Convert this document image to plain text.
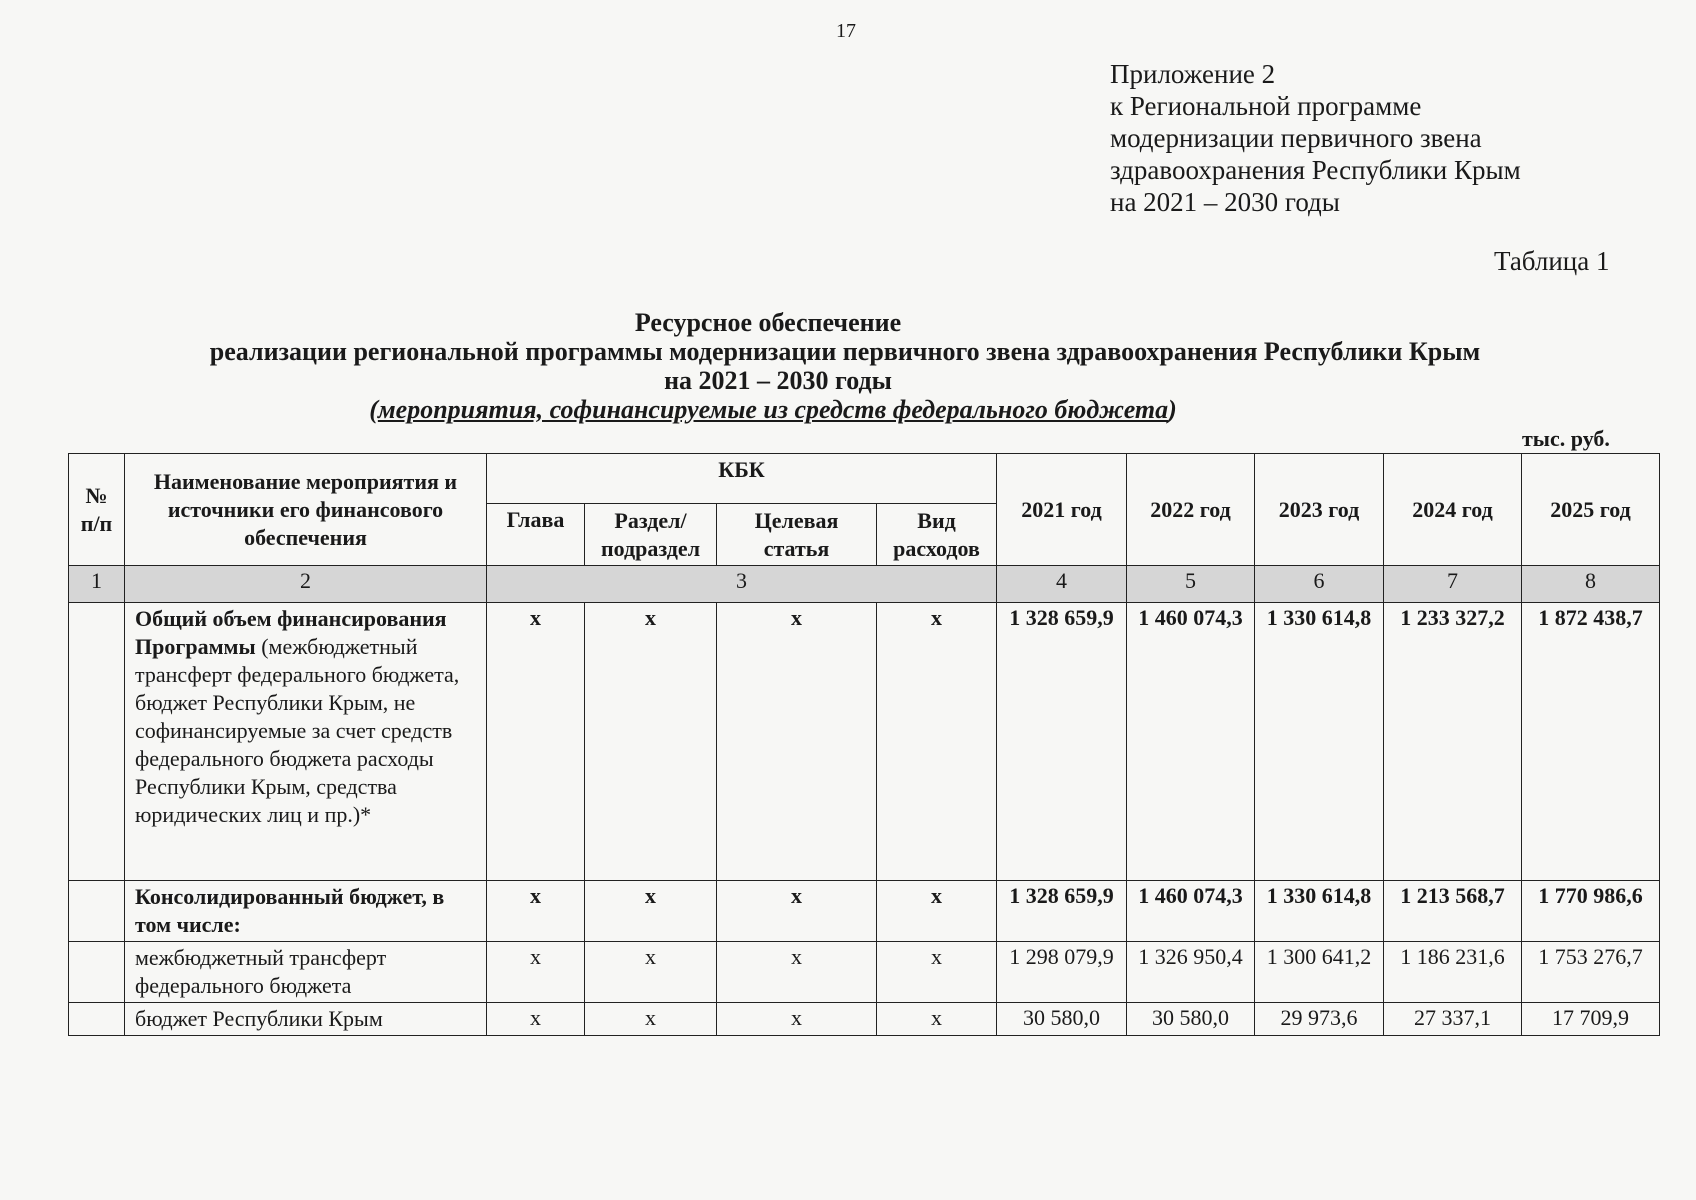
17
Приложение 2
к Региональной программе
модернизации первичного звена
здравоохранения Республики Крым
на 2021 – 2030 годы
Таблица 1
Ресурсное обеспечение
реализации региональной программы модернизации первичного звена здравоохранения Республики Крым
на 2021 – 2030 годы
(мероприятия, софинансируемые из средств федерального бюджета)
тыс. руб.
№ п/п	Наименование мероприятия и источники его финансового обеспечения	КБК				2021 год	2022 год	2023 год	2024 год	2025 год
		Глава	Раздел/ подраздел	Целевая статья	Вид расходов					
1	2	3				4	5	6	7	8
	Общий объем финансирования Программы (межбюджетный трансферт федерального бюджета, бюджет Республики Крым, не софинансируемые за счет средств федерального бюджета расходы Республики Крым, средства юридических лиц и пр.)*	х	х	х	х	1 328 659,9	1 460 074,3	1 330 614,8	1 233 327,2	1 872 438,7
	Консолидированный бюджет, в том числе:	х	х	х	х	1 328 659,9	1 460 074,3	1 330 614,8	1 213 568,7	1 770 986,6
	межбюджетный трансферт федерального бюджета	х	х	х	х	1 298 079,9	1 326 950,4	1 300 641,2	1 186 231,6	1 753 276,7
	бюджет Республики Крым	х	х	х	х	30 580,0	30 580,0	29 973,6	27 337,1	17 709,9
